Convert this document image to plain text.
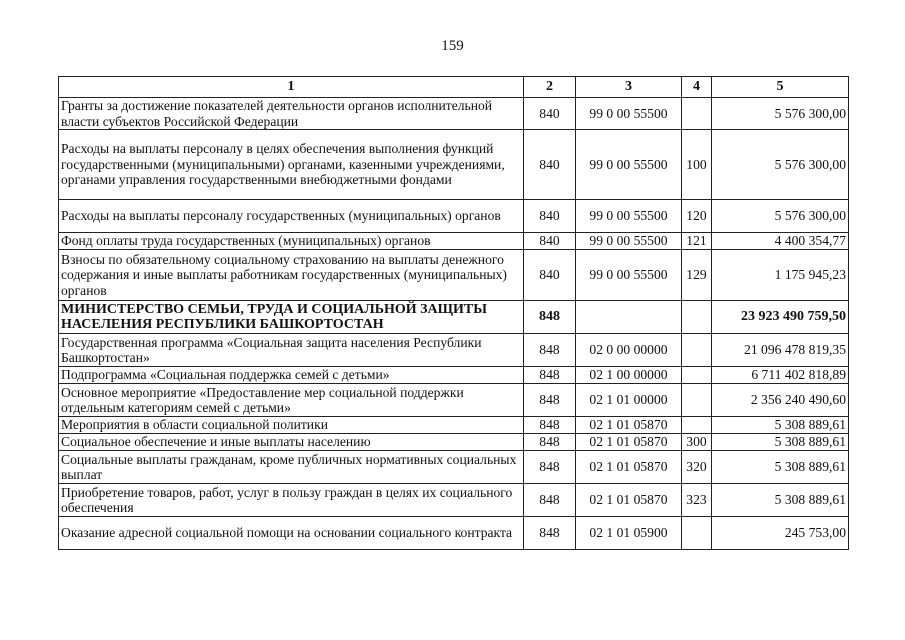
159
1	2	3	4	5
Гранты за достижение показателей деятельности органов исполнительной власти субъектов Российской Федерации	840	99 0 00 55500		5 576 300,00
Расходы на выплаты персоналу в целях обеспечения выполнения функций государственными (муниципальными) органами, казенными учреждениями, органами управления государственными внебюджетными фондами	840	99 0 00 55500	100	5 576 300,00
Расходы на выплаты персоналу государственных (муниципальных) органов	840	99 0 00 55500	120	5 576 300,00
Фонд оплаты труда государственных (муниципальных) органов	840	99 0 00 55500	121	4 400 354,77
Взносы по обязательному социальному страхованию на выплаты денежного содержания и иные выплаты работникам государственных (муниципальных) органов	840	99 0 00 55500	129	1 175 945,23
МИНИСТЕРСТВО СЕМЬИ, ТРУДА И СОЦИАЛЬНОЙ ЗАЩИТЫ НАСЕЛЕНИЯ РЕСПУБЛИКИ БАШКОРТОСТАН	848			23 923 490 759,50
Государственная программа «Социальная защита населения Республики Башкортостан»	848	02 0 00 00000		21 096 478 819,35
Подпрограмма «Социальная поддержка семей с детьми»	848	02 1 00 00000		6 711 402 818,89
Основное мероприятие «Предоставление мер социальной поддержки отдельным категориям семей с детьми»	848	02 1 01 00000		2 356 240 490,60
Мероприятия в области социальной политики	848	02 1 01 05870		5 308 889,61
Социальное обеспечение и иные выплаты населению	848	02 1 01 05870	300	5 308 889,61
Социальные выплаты гражданам, кроме публичных нормативных социальных выплат	848	02 1 01 05870	320	5 308 889,61
Приобретение товаров, работ, услуг в пользу граждан в целях их социального обеспечения	848	02 1 01 05870	323	5 308 889,61
Оказание адресной социальной помощи на основании социального контракта	848	02 1 01 05900		245 753,00
